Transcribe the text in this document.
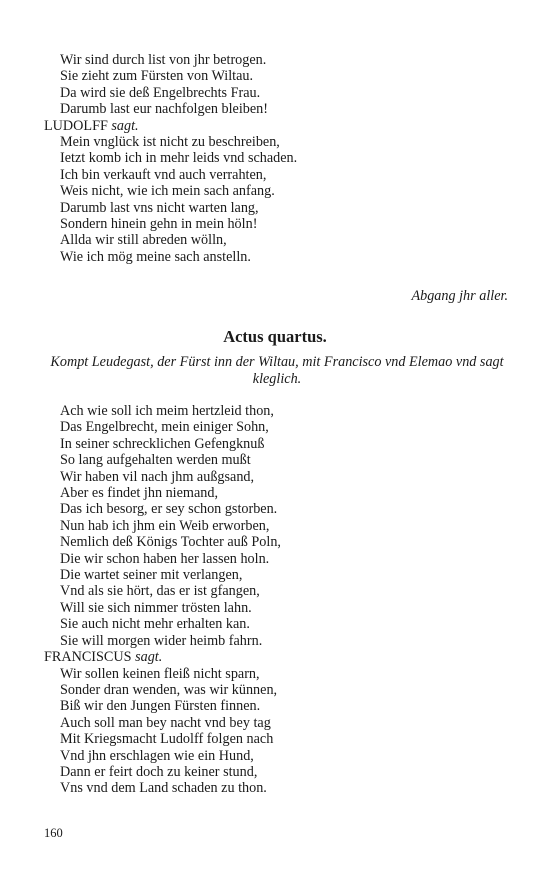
Wir sind durch list von jhr betrogen.
Sie zieht zum Fürsten von Wiltau.
Da wird sie deß Engelbrechts Frau.
Darumb last eur nachfolgen bleiben!
LUDOLFF sagt.
Mein vnglück ist nicht zu beschreiben,
Ietzt komb ich in mehr leids vnd schaden.
Ich bin verkauft vnd auch verrahten,
Weis nicht, wie ich mein sach anfang.
Darumb last vns nicht warten lang,
Sondern hinein gehn in mein höln!
Allda wir still abreden wölln,
Wie ich mög meine sach anstelln.
Abgang jhr aller.
Actus quartus.
Kompt Leudegast, der Fürst inn der Wiltau, mit Francisco vnd Elemao vnd sagt kleglich.
Ach wie soll ich meim hertzleid thon,
Das Engelbrecht, mein einiger Sohn,
In seiner schrecklichen Gefengknuß
So lang aufgehalten werden mußt
Wir haben vil nach jhm außgsand,
Aber es findet jhn niemand,
Das ich besorg, er sey schon gstorben.
Nun hab ich jhm ein Weib erworben,
Nemlich deß Königs Tochter auß Poln,
Die wir schon haben her lassen holn.
Die wartet seiner mit verlangen,
Vnd als sie hört, das er ist gfangen,
Will sie sich nimmer trösten lahn.
Sie auch nicht mehr erhalten kan.
Sie will morgen wider heimb fahrn.
FRANCISCUS sagt.
Wir sollen keinen fleiß nicht sparn,
Sonder dran wenden, was wir künnen,
Biß wir den Jungen Fürsten finnen.
Auch soll man bey nacht vnd bey tag
Mit Kriegsmacht Ludolff folgen nach
Vnd jhn erschlagen wie ein Hund,
Dann er feirt doch zu keiner stund,
Vns vnd dem Land schaden zu thon.
160
